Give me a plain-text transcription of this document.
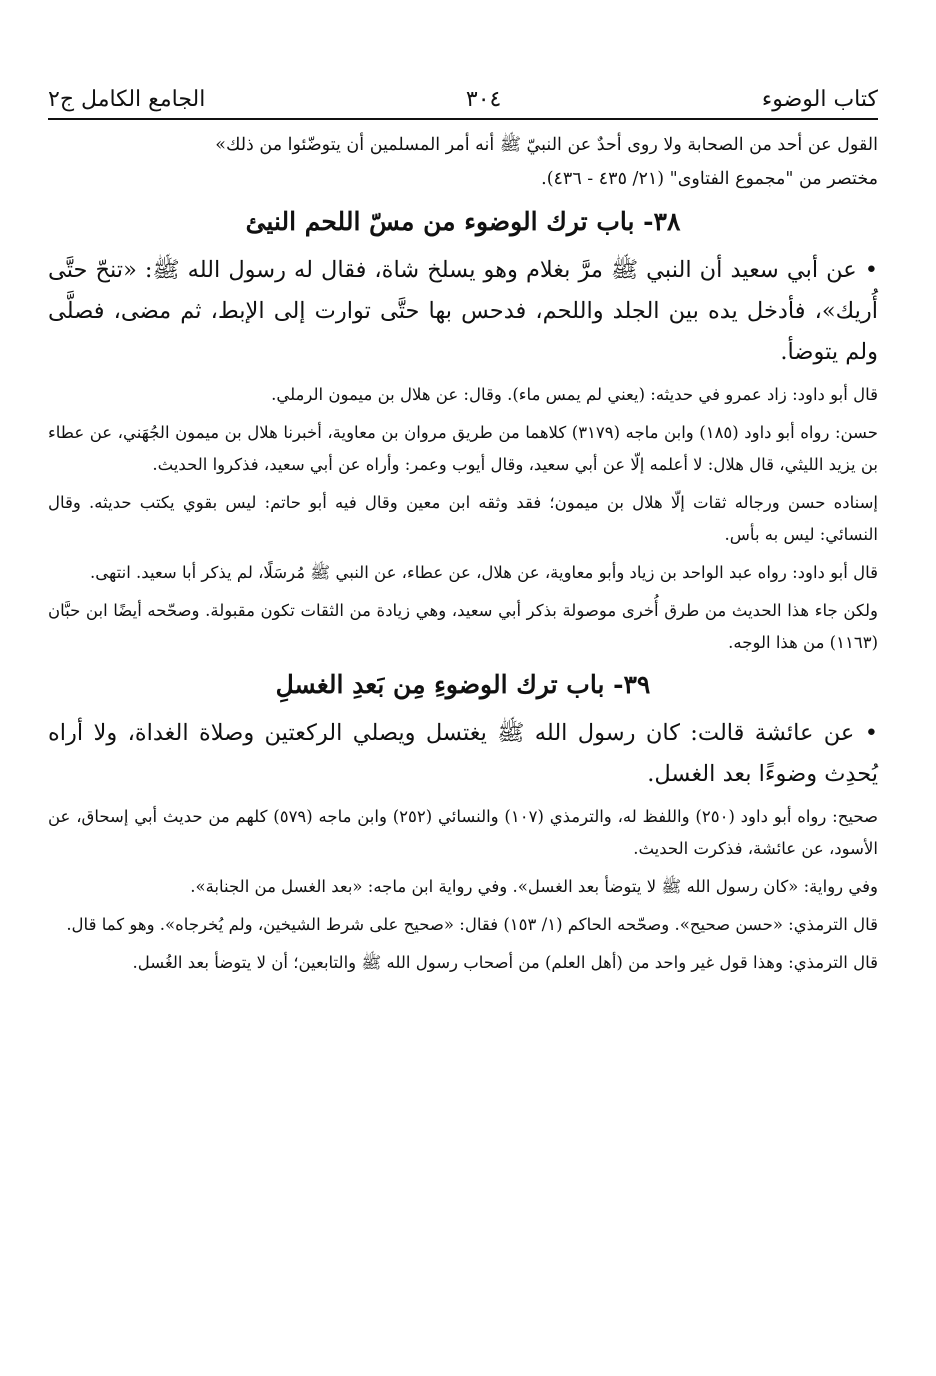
كتاب الوضوء
٣٠٤
الجامع الكامل ج٢

القول عن أحد من الصحابة ولا روى أحدٌ عن النبيّ ﷺ أنه أمر المسلمين أن يتوضّئوا من ذلك»

مختصر من "مجموع الفتاوى" (٢١/ ٤٣٥ - ٤٣٦).

٣٨- باب ترك الوضوء من مسّ اللحم النيئ

• عن أبي سعيد أن النبي ﷺ مرَّ بغلام وهو يسلخ شاة، فقال له رسول الله ﷺ: «تنحّ حتَّى أُريك»، فأدخل يده بين الجلد واللحم، فدحس بها حتَّى توارت إلى الإبط، ثم مضى، فصلَّى ولم يتوضأ.

قال أبو داود: زاد عمرو في حديثه: (يعني لم يمس ماء). وقال: عن هلال بن ميمون الرملي.

حسن: رواه أبو داود (١٨٥) وابن ماجه (٣١٧٩) كلاهما من طريق مروان بن معاوية، أخبرنا هلال بن ميمون الجُهَني، عن عطاء بن يزيد الليثي، قال هلال: لا أعلمه إلّا عن أبي سعيد، وقال أيوب وعمر: وأراه عن أبي سعيد، فذكروا الحديث.

إسناده حسن ورجاله ثقات إلّا هلال بن ميمون؛ فقد وثقه ابن معين وقال فيه أبو حاتم: ليس بقوي يكتب حديثه. وقال النسائي: ليس به بأس.

قال أبو داود: رواه عبد الواحد بن زياد وأبو معاوية، عن هلال، عن عطاء، عن النبي ﷺ مُرسَلًا، لم يذكر أبا سعيد. انتهى.

ولكن جاء هذا الحديث من طرق أُخرى موصولة بذكر أبي سعيد، وهي زيادة من الثقات تكون مقبولة. وصحّحه أيضًا ابن حبَّان (١١٦٣) من هذا الوجه.

٣٩- باب ترك الوضوءِ مِن بَعدِ الغسلِ

• عن عائشة قالت: كان رسول الله ﷺ يغتسل ويصلي الركعتين وصلاة الغداة، ولا أراه يُحدِث وضوءًا بعد الغسل.

صحيح: رواه أبو داود (٢٥٠) واللفظ له، والترمذي (١٠٧) والنسائي (٢٥٢) وابن ماجه (٥٧٩) كلهم من حديث أبي إسحاق، عن الأسود، عن عائشة، فذكرت الحديث.

وفي رواية: «كان رسول الله ﷺ لا يتوضأ بعد الغسل». وفي رواية ابن ماجه: «بعد الغسل من الجنابة».

قال الترمذي: «حسن صحيح». وصحّحه الحاكم (١/ ١٥٣) فقال: «صحيح على شرط الشيخين، ولم يُخرجاه». وهو كما قال.

قال الترمذي: وهذا قول غير واحد من (أهل العلم) من أصحاب رسول الله ﷺ والتابعين؛ أن لا يتوضأ بعد الغُسل.
